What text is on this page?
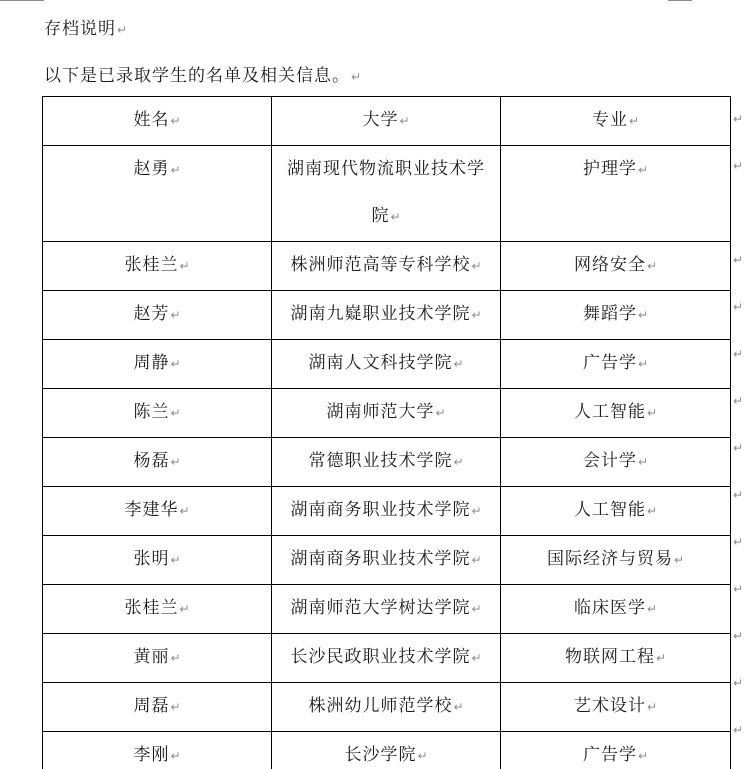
存档说明↵
以下是已录取学生的名单及相关信息。↵
姓名↵	大学↵	专业↵
赵勇↵	湖南现代物流职业技术学院↵	护理学↵
张桂兰↵	株洲师范高等专科学校↵	网络安全↵
赵芳↵	湖南九嶷职业技术学院↵	舞蹈学↵
周静↵	湖南人文科技学院↵	广告学↵
陈兰↵	湖南师范大学↵	人工智能↵
杨磊↵	常德职业技术学院↵	会计学↵
李建华↵	湖南商务职业技术学院↵	人工智能↵
张明↵	湖南商务职业技术学院↵	国际经济与贸易↵
张桂兰↵	湖南师范大学树达学院↵	临床医学↵
黄丽↵	长沙民政职业技术学院↵	物联网工程↵
周磊↵	株洲幼儿师范学校↵	艺术设计↵
李刚↵	长沙学院↵	广告学↵

↵
↵
↵
↵
↵
↵
↵
↵
↵
↵
↵
↵
↵
